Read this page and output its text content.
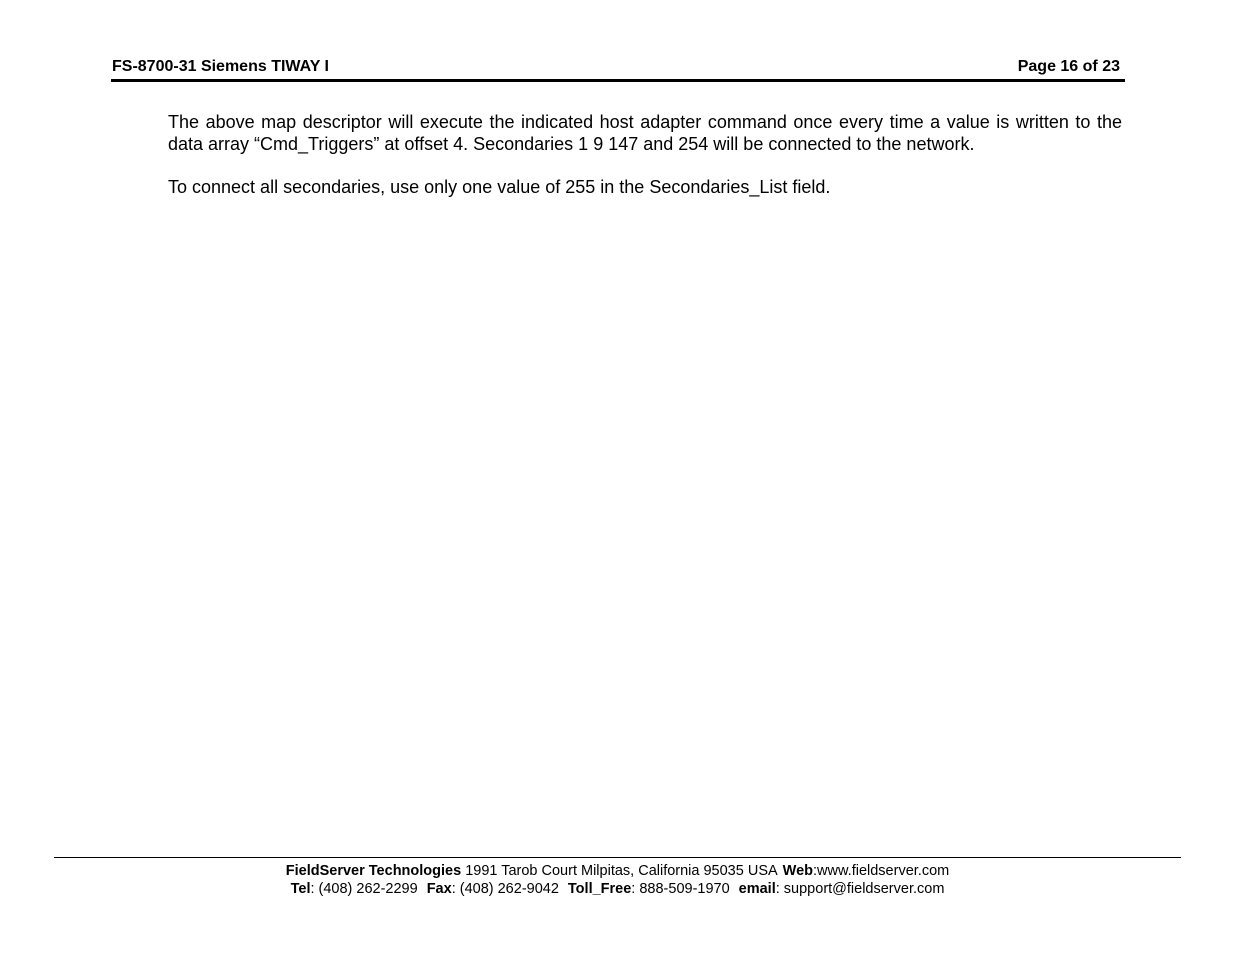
FS-8700-31 Siemens TIWAY I	Page 16 of 23

The above map descriptor will execute the indicated host adapter command once every time a value is written to the data array “Cmd_Triggers” at offset 4. Secondaries 1 9 147 and 254 will be connected to the network.

To connect all secondaries, use only one value of 255 in the Secondaries_List field.

FieldServer Technologies 1991 Tarob Court Milpitas, California 95035 USA Web:www.fieldserver.com
Tel: (408) 262-2299 Fax: (408) 262-9042 Toll_Free: 888-509-1970 email: support@fieldserver.com
